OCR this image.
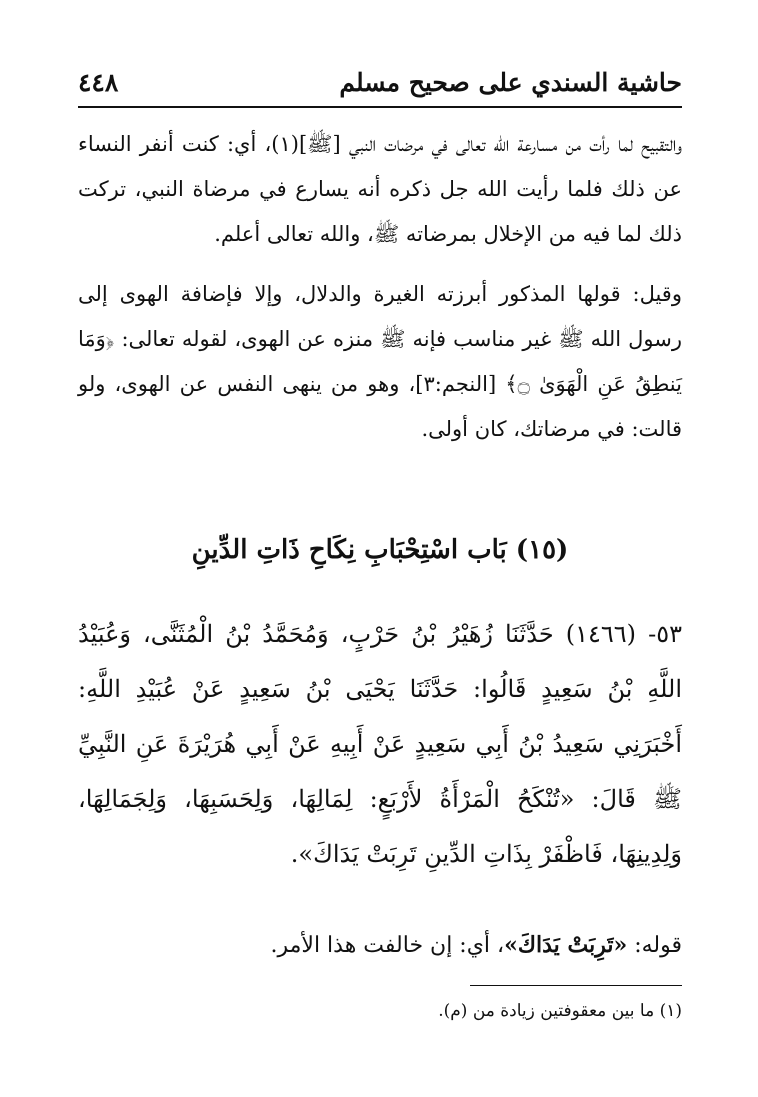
حاشية السندي على صحيح مسلم
٤٤٨

والتقبيح لما رأت من مسارعة الله تعالى في مرضات النبي [ﷺ](١)، أي: كنت أنفر النساء عن ذلك فلما رأيت الله جل ذكره أنه يسارع في مرضاة النبي، تركت ذلك لما فيه من الإخلال بمرضاته ﷺ، والله تعالى أعلم.

وقيل: قولها المذكور أبرزته الغيرة والدلال، وإلا فإضافة الهوى إلى رسول الله ﷺ غير مناسب فإنه ﷺ منزه عن الهوى، لقوله تعالى: ﴿وَمَا يَنطِقُ عَنِ الْهَوَىٰ ۝﴾ [النجم:٣]، وهو من ينهى النفس عن الهوى، ولو قالت: في مرضاتك، كان أولى.

(١٥) بَاب اسْتِحْبَابِ نِكَاحِ ذَاتِ الدِّينِ

٥٣- (١٤٦٦) حَدَّثَنَا زُهَيْرُ بْنُ حَرْبٍ، وَمُحَمَّدُ بْنُ الْمُثَنَّى، وَعُبَيْدُ اللَّهِ بْنُ سَعِيدٍ قَالُوا: حَدَّثَنَا يَحْيَى بْنُ سَعِيدٍ عَنْ عُبَيْدِ اللَّهِ: أَخْبَرَنِي سَعِيدُ بْنُ أَبِي سَعِيدٍ عَنْ أَبِيهِ عَنْ أَبِي هُرَيْرَةَ عَنِ النَّبِيِّ ﷺ قَالَ: «تُنْكَحُ الْمَرْأَةُ لأَرْبَعٍ: لِمَالِهَا، وَلِحَسَبِهَا، وَلِجَمَالِهَا، وَلِدِينِهَا، فَاظْفَرْ بِذَاتِ الدِّينِ تَرِبَتْ يَدَاكَ».

قوله: «تَرِبَتْ يَدَاكَ»، أي: إن خالفت هذا الأمر.

(١) ما بين معقوفتين زيادة من (م).
